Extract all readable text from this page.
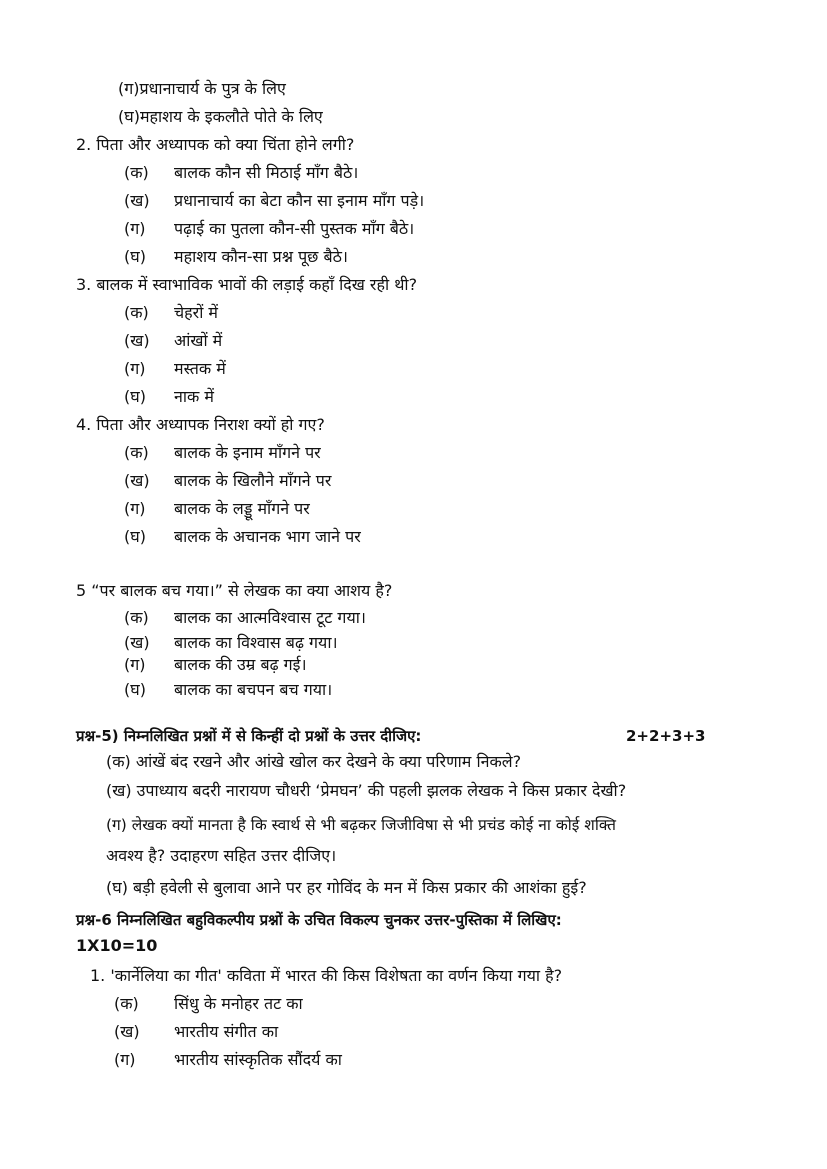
(ग)प्रधानाचार्य के पुत्र के लिए
(घ)महाशय के इकलौते पोते के लिए
2. पिता और अध्यापक को क्या चिंता होने लगी?
(क) बालक कौन सी मिठाई माँग बैठे।
(ख) प्रधानाचार्य का बेटा कौन सा इनाम माँग पड़े।
(ग) पढ़ाई का पुतला कौन-सी पुस्तक माँग बैठे।
(घ) महाशय कौन-सा प्रश्न पूछ बैठे।
3. बालक में स्वाभाविक भावों की लड़ाई कहाँ दिख रही थी?
(क) चेहरों में
(ख) आंखों में
(ग) मस्तक में
(घ) नाक में
4. पिता और अध्यापक निराश क्यों हो गए?
(क) बालक के इनाम माँगने पर
(ख) बालक के खिलौने माँगने पर
(ग) बालक के लड्डू माँगने पर
(घ) बालक के अचानक भाग जाने पर
5 “पर बालक बच गया।” से लेखक का क्या आशय है?
(क) बालक का आत्मविश्वास टूट गया।
(ख) बालक का विश्वास बढ़ गया।
(ग) बालक की उम्र बढ़ गई।
(घ) बालक का बचपन बच गया।
प्रश्न-5) निम्नलिखित प्रश्नों में से किन्हीं दो प्रश्नों के उत्तर दीजिए:	2+2+3+3
(क) आंखें बंद रखने और आंखे खोल कर देखने के क्या परिणाम निकले?
(ख) उपाध्याय बदरी नारायण चौधरी ‘प्रेमघन’ की पहली झलक लेखक ने किस प्रकार देखी?
(ग) लेखक क्यों मानता है कि स्वार्थ से भी बढ़कर जिजीविषा से भी प्रचंड कोई ना कोई शक्ति
अवश्य है? उदाहरण सहित उत्तर दीजिए।
(घ) बड़ी हवेली से बुलावा आने पर हर गोविंद के मन में किस प्रकार की आशंका हुई?
प्रश्न-6 निम्नलिखित बहुविकल्पीय प्रश्नों के उचित विकल्प चुनकर उत्तर-पुस्तिका में लिखिए:
1X10=10
1. 'कार्नेलिया का गीत' कविता में भारत की किस विशेषता का वर्णन किया गया है?
(क) सिंधु के मनोहर तट का
(ख) भारतीय संगीत का
(ग) भारतीय सांस्कृतिक सौंदर्य का
